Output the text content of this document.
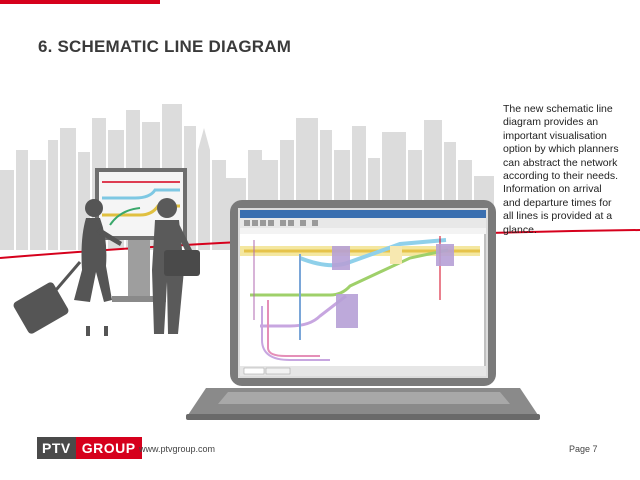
6. SCHEMATIC LINE DIAGRAM
The new schematic line diagram provides an important visualisation option by which planners can abstract the network according to their needs. Information on arrival and departure times for all lines is provided at a glance.
PTV GROUP www.ptvgroup.com	Page 7
